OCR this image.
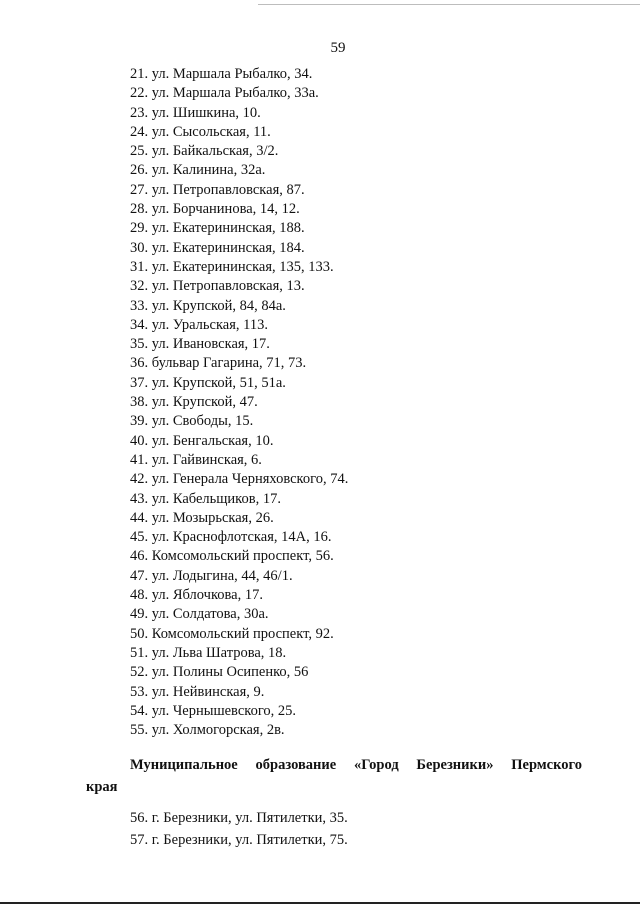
59
21. ул. Маршала Рыбалко, 34.
22. ул. Маршала Рыбалко, 33а.
23. ул. Шишкина, 10.
24. ул. Сысольская, 11.
25. ул. Байкальская, 3/2.
26. ул. Калинина, 32а.
27. ул. Петропавловская, 87.
28. ул. Борчанинова, 14, 12.
29. ул. Екатерининская, 188.
30. ул. Екатерининская, 184.
31. ул. Екатерининская, 135, 133.
32. ул. Петропавловская, 13.
33. ул. Крупской, 84, 84а.
34. ул. Уральская, 113.
35. ул. Ивановская, 17.
36. бульвар Гагарина, 71, 73.
37. ул. Крупской, 51, 51а.
38. ул. Крупской, 47.
39. ул. Свободы, 15.
40. ул. Бенгальская, 10.
41. ул. Гайвинская, 6.
42. ул. Генерала Черняховского, 74.
43. ул. Кабельщиков, 17.
44. ул. Мозырьская, 26.
45. ул. Краснофлотская, 14А, 16.
46. Комсомольский проспект, 56.
47. ул. Лодыгина, 44, 46/1.
48. ул. Яблочкова, 17.
49. ул. Солдатова, 30а.
50. Комсомольский проспект, 92.
51. ул. Льва Шатрова, 18.
52. ул. Полины Осипенко, 56
53. ул. Нейвинская, 9.
54. ул. Чернышевского, 25.
55. ул. Холмогорская, 2в.
Муниципальное образование «Город Березники» Пермского
края
56. г. Березники, ул. Пятилетки, 35.
57. г. Березники, ул. Пятилетки, 75.
